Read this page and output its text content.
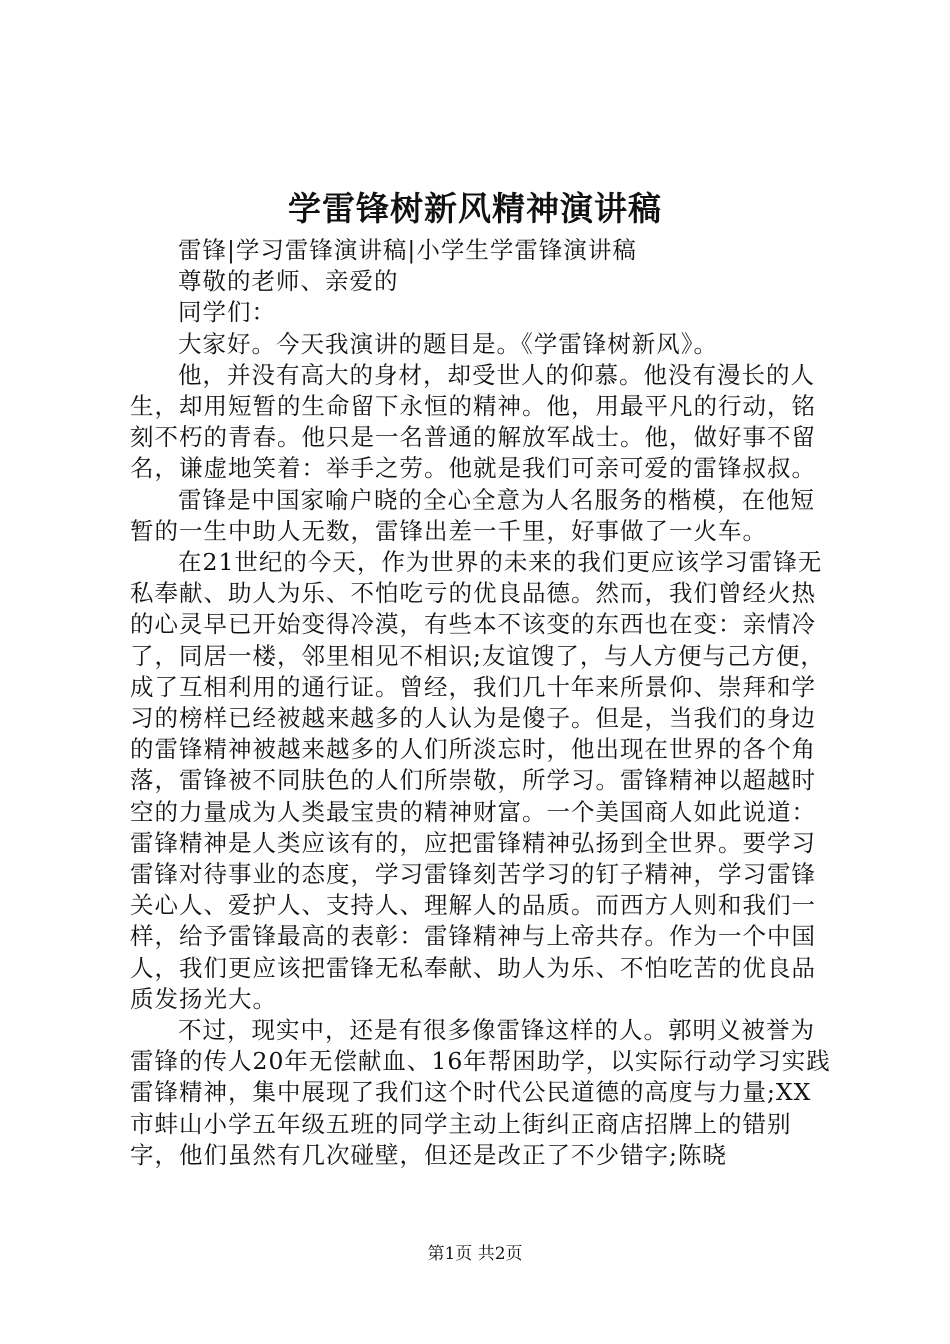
学雷锋树新风精神演讲稿

雷锋|学习雷锋演讲稿|小学生学雷锋演讲稿

尊敬的老师、亲爱的

同学们：

大家好。今天我演讲的题目是。《学雷锋树新风》。

他，并没有高大的身材，却受世人的仰慕。他没有漫长的人生，却用短暂的生命留下永恒的精神。他，用最平凡的行动，铭刻不朽的青春。他只是一名普通的解放军战士。他，做好事不留名，谦虚地笑着：举手之劳。他就是我们可亲可爱的雷锋叔叔。

雷锋是中国家喻户晓的全心全意为人名服务的楷模，在他短暂的一生中助人无数，雷锋出差一千里，好事做了一火车。

在21世纪的今天，作为世界的未来的我们更应该学习雷锋无私奉献、助人为乐、不怕吃亏的优良品德。然而，我们曾经火热的心灵早已开始变得冷漠，有些本不该变的东西也在变：亲情冷了，同居一楼，邻里相见不相识;友谊馊了，与人方便与己方便，成了互相利用的通行证。曾经，我们几十年来所景仰、崇拜和学习的榜样已经被越来越多的人认为是傻子。但是，当我们的身边的雷锋精神被越来越多的人们所淡忘时，他出现在世界的各个角落，雷锋被不同肤色的人们所崇敬，所学习。雷锋精神以超越时空的力量成为人类最宝贵的精神财富。一个美国商人如此说道：雷锋精神是人类应该有的，应把雷锋精神弘扬到全世界。要学习雷锋对待事业的态度，学习雷锋刻苦学习的钉子精神，学习雷锋关心人、爱护人、支持人、理解人的品质。而西方人则和我们一样，给予雷锋最高的表彰：雷锋精神与上帝共存。作为一个中国人，我们更应该把雷锋无私奉献、助人为乐、不怕吃苦的优良品质发扬光大。

不过，现实中，还是有很多像雷锋这样的人。郭明义被誉为雷锋的传人20年无偿献血、16年帮困助学，以实际行动学习实践雷锋精神，集中展现了我们这个时代公民道德的高度与力量;XX市蚌山小学五年级五班的同学主动上街纠正商店招牌上的错别字，他们虽然有几次碰壁，但还是改正了不少错字;陈晓

第1页 共2页
